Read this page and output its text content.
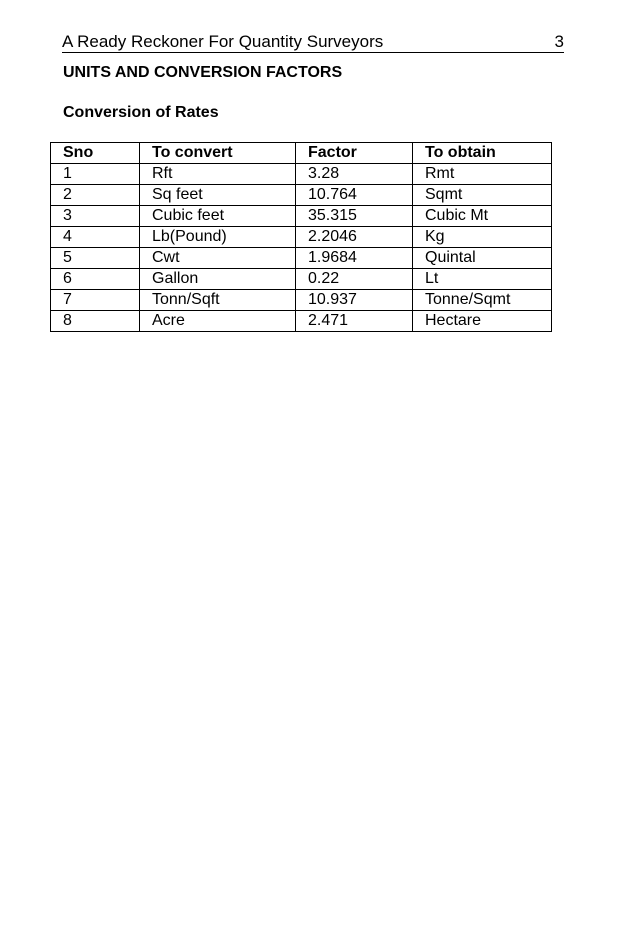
A Ready Reckoner For Quantity Surveyors	3
UNITS AND CONVERSION FACTORS
Conversion of Rates
Sno	To convert	Factor	To obtain
1	Rft	3.28	Rmt
2	Sq feet	10.764	Sqmt
3	Cubic feet	35.315	Cubic Mt
4	Lb(Pound)	2.2046	Kg
5	Cwt	1.9684	Quintal
6	Gallon	0.22	Lt
7	Tonn/Sqft	10.937	Tonne/Sqmt
8	Acre	2.471	Hectare
